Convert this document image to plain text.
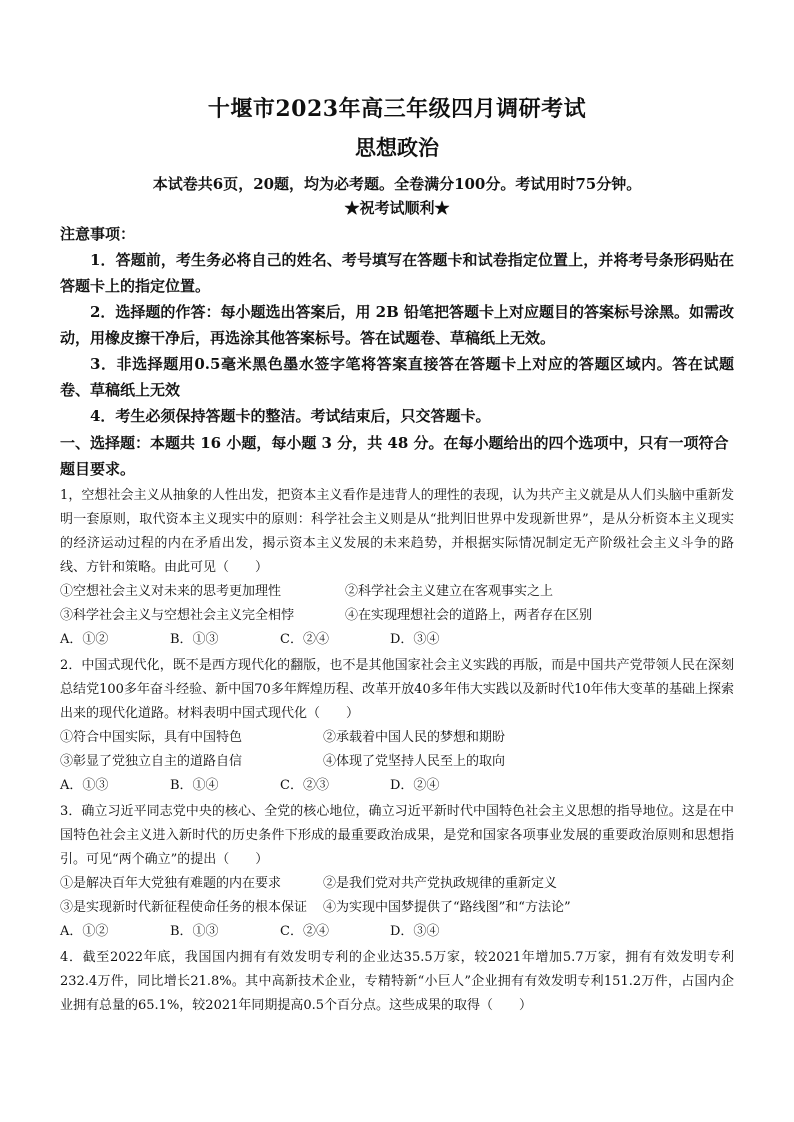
十堰市2023年高三年级四月调研考试
思想政治
本试卷共6页，20题，均为必考题。全卷满分100分。考试用时75分钟。
★祝考试顺利★
注意事项：
1．答题前，考生务必将自己的姓名、考号填写在答题卡和试卷指定位置上，并将考号条形码贴在答题卡上的指定位置。
2．选择题的作答：每小题选出答案后，用 2B 铅笔把答题卡上对应题目的答案标号涂黑。如需改动，用橡皮擦干净后，再选涂其他答案标号。答在试题卷、草稿纸上无效。
3．非选择题用0.5毫米黑色墨水签字笔将答案直接答在答题卡上对应的答题区域内。答在试题卷、草稿纸上无效
4．考生必须保持答题卡的整洁。考试结束后，只交答题卡。
一、选择题：本题共 16 小题，每小题 3 分，共 48 分。在每小题给出的四个选项中，只有一项符合题目要求。
1，空想社会主义从抽象的人性出发，把资本主义看作是违背人的理性的表现，认为共产主义就是从人们头脑中重新发明一套原则，取代资本主义现实中的原则：科学社会主义则是从“批判旧世界中发现新世界”，是从分析资本主义现实的经济运动过程的内在矛盾出发，揭示资本主义发展的未来趋势，并根据实际情况制定无产阶级社会主义斗争的路线、方针和策略。由此可见（　　）
①空想社会主义对未来的思考更加理性	②科学社会主义建立在客观事实之上
③科学社会主义与空想社会主义完全相悖	④在实现理想社会的道路上，两者存在区别
A．①②	B．①③	C．②④	D．③④
2．中国式现代化，既不是西方现代化的翻版，也不是其他国家社会主义实践的再版，而是中国共产党带领人民在深刻总结党100多年奋斗经验、新中国70多年辉煌历程、改革开放40多年伟大实践以及新时代10年伟大变革的基础上探索出来的现代化道路。材料表明中国式现代化（　　）
①符合中国实际，具有中国特色	②承载着中国人民的梦想和期盼
③彰显了党独立自主的道路自信	④体现了党坚持人民至上的取向
A．①③	B．①④	C．②③	D．②④
3．确立习近平同志党中央的核心、全党的核心地位，确立习近平新时代中国特色社会主义思想的指导地位。这是在中国特色社会主义进入新时代的历史条件下形成的最重要政治成果，是党和国家各项事业发展的重要政治原则和思想指引。可见“两个确立”的提出（　　）
①是解决百年大党独有难题的内在要求	②是我们党对共产党执政规律的重新定义
③是实现新时代新征程使命任务的根本保证	④为实现中国梦提供了“路线图”和“方法论”
A．①②	B．①③	C．②④	D．③④
4．截至2022年底，我国国内拥有有效发明专利的企业达35.5万家，较2021年增加5.7万家，拥有有效发明专利232.4万件，同比增长21.8%。其中高新技术企业，专精特新“小巨人”企业拥有有效发明专利151.2万件，占国内企业拥有总量的65.1%，较2021年同期提高0.5个百分点。这些成果的取得（　　）
